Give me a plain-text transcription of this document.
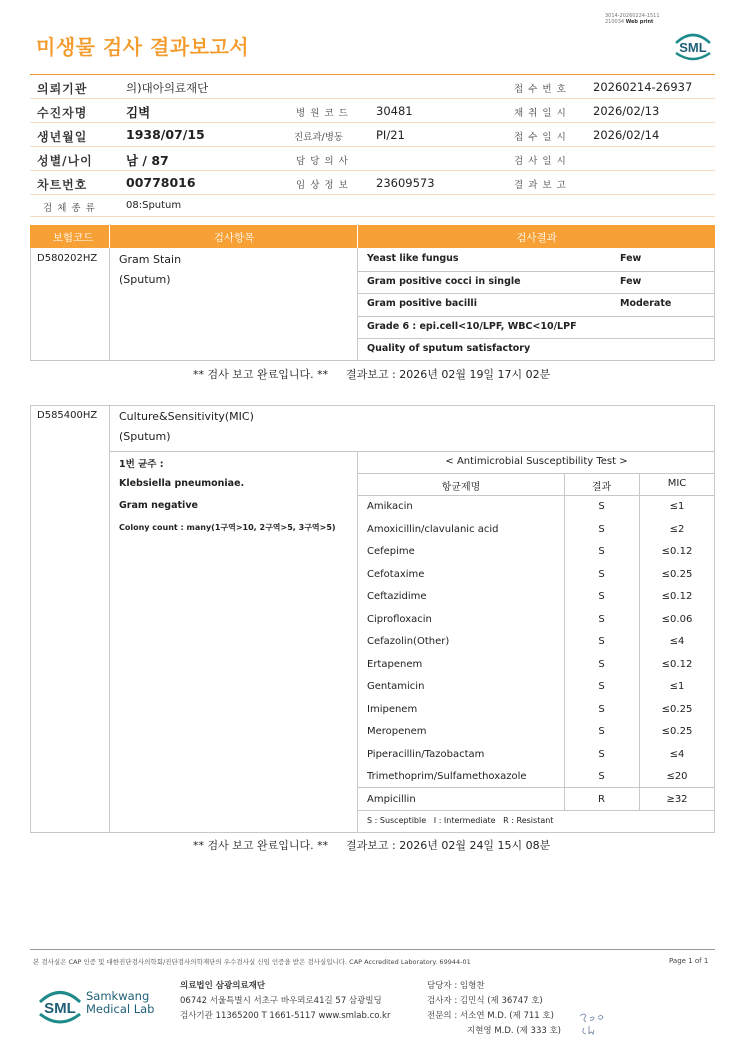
미생물 검사 결과보고서
3014-20260224-1511
210034 Web print
SML
의뢰기관	의)대아의료재단	접 수 번 호 20260214-26937
수진자명	김벽	병 원 코 드 30481	채 취 일 시 2026/02/13
생년월일	1938/07/15	진료과/병동	PI/21	접 수 일 시 2026/02/14
성별/나이	남 / 87	담 당 의 사	검 사 일 시
차트번호	00778016	임 상 정 보 23609573	결 과 보 고
검 체 종 류	08:Sputum
보험코드	검사항목	검사결과
D580202HZ Gram Stain
(Sputum)
Yeast like fungus	Few
Gram positive cocci in single	Few
Gram positive bacilli	Moderate
Grade 6 : epi.cell<10/LPF, WBC<10/LPF
Quality of sputum satisfactory
** 검사 보고 완료입니다. ** 결과보고 : 2026년 02월 19일 17시 02분
D585400HZ Culture&Sensitivity(MIC)
(Sputum)
1번 균주 :
Klebsiella pneumoniae.
Gram negative
Colony count : many(1구역>10, 2구역>5, 3구역>5)
< Antimicrobial Susceptibility Test >
항균제명	결과	MIC
Amikacin	S	≤1
Amoxicillin/clavulanic acid	S	≤2
Cefepime	S	≤0.12
Cefotaxime	S	≤0.25
Ceftazidime	S	≤0.12
Ciprofloxacin	S	≤0.06
Cefazolin(Other)	S	≤4
Ertapenem	S	≤0.12
Gentamicin	S	≤1
Imipenem	S	≤0.25
Meropenem	S	≤0.25
Piperacillin/Tazobactam	S	≤4
Trimethoprim/Sulfamethoxazole	S	≤20
Ampicillin	R	≥32
S : Susceptible   I : Intermediate   R : Resistant
** 검사 보고 완료입니다. ** 결과보고 : 2026년 02월 24일 15시 08분
본 검사실은 CAP 인증 및 대한진단검사의학회/진단검사의학재단의 우수검사실 신임 인증을 받은 검사실입니다. CAP Accredited Laboratory. 69944-01	Page 1 of 1
SML
Samkwang
Medical Lab
의료법인 삼광의료재단
06742 서울특별시 서초구 바우뫼로41길 57 삼광빌딩
검사기관 11365200 T 1661-5117 www.smlab.co.kr
담당자 : 임형찬
검사자 : 김민식 (제 36747 호)
전문의 : 서소연 M.D. (제 711 호)
지현영 M.D. (제 333 호)
